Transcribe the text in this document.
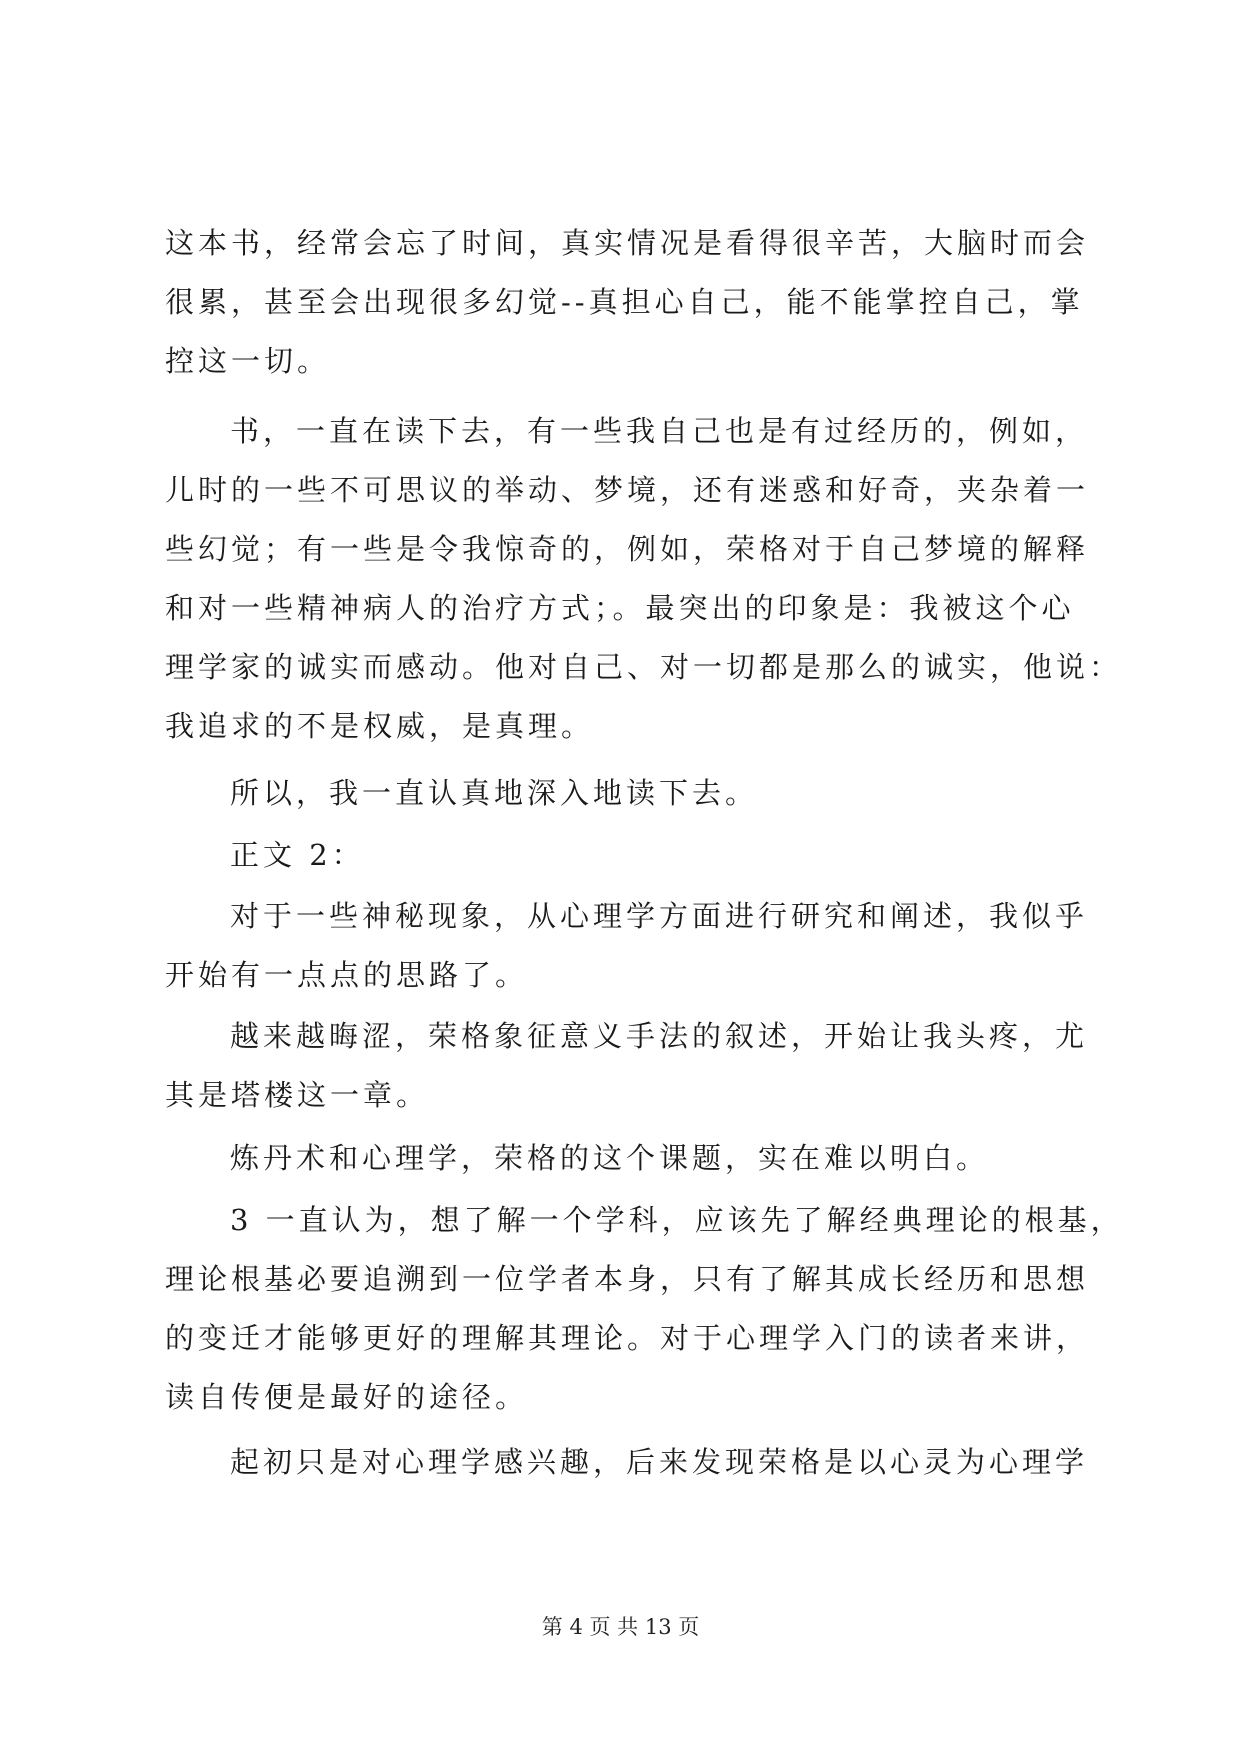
这本书，经常会忘了时间，真实情况是看得很辛苦，大脑时而会
很累，甚至会出现很多幻觉--真担心自己，能不能掌控自己，掌
控这一切。
书，一直在读下去，有一些我自己也是有过经历的，例如，
儿时的一些不可思议的举动、梦境，还有迷惑和好奇，夹杂着一
些幻觉；有一些是令我惊奇的，例如，荣格对于自己梦境的解释
和对一些精神病人的治疗方式；。最突出的印象是：我被这个心
理学家的诚实而感动。他对自己、对一切都是那么的诚实，他说：
我追求的不是权威，是真理。
所以，我一直认真地深入地读下去。
正文 2：
对于一些神秘现象，从心理学方面进行研究和阐述，我似乎
开始有一点点的思路了。
越来越晦涩，荣格象征意义手法的叙述，开始让我头疼，尤
其是塔楼这一章。
炼丹术和心理学，荣格的这个课题，实在难以明白。
3 一直认为，想了解一个学科，应该先了解经典理论的根基，
理论根基必要追溯到一位学者本身，只有了解其成长经历和思想
的变迁才能够更好的理解其理论。对于心理学入门的读者来讲，
读自传便是最好的途径。
起初只是对心理学感兴趣，后来发现荣格是以心灵为心理学
第 4 页 共 13 页
